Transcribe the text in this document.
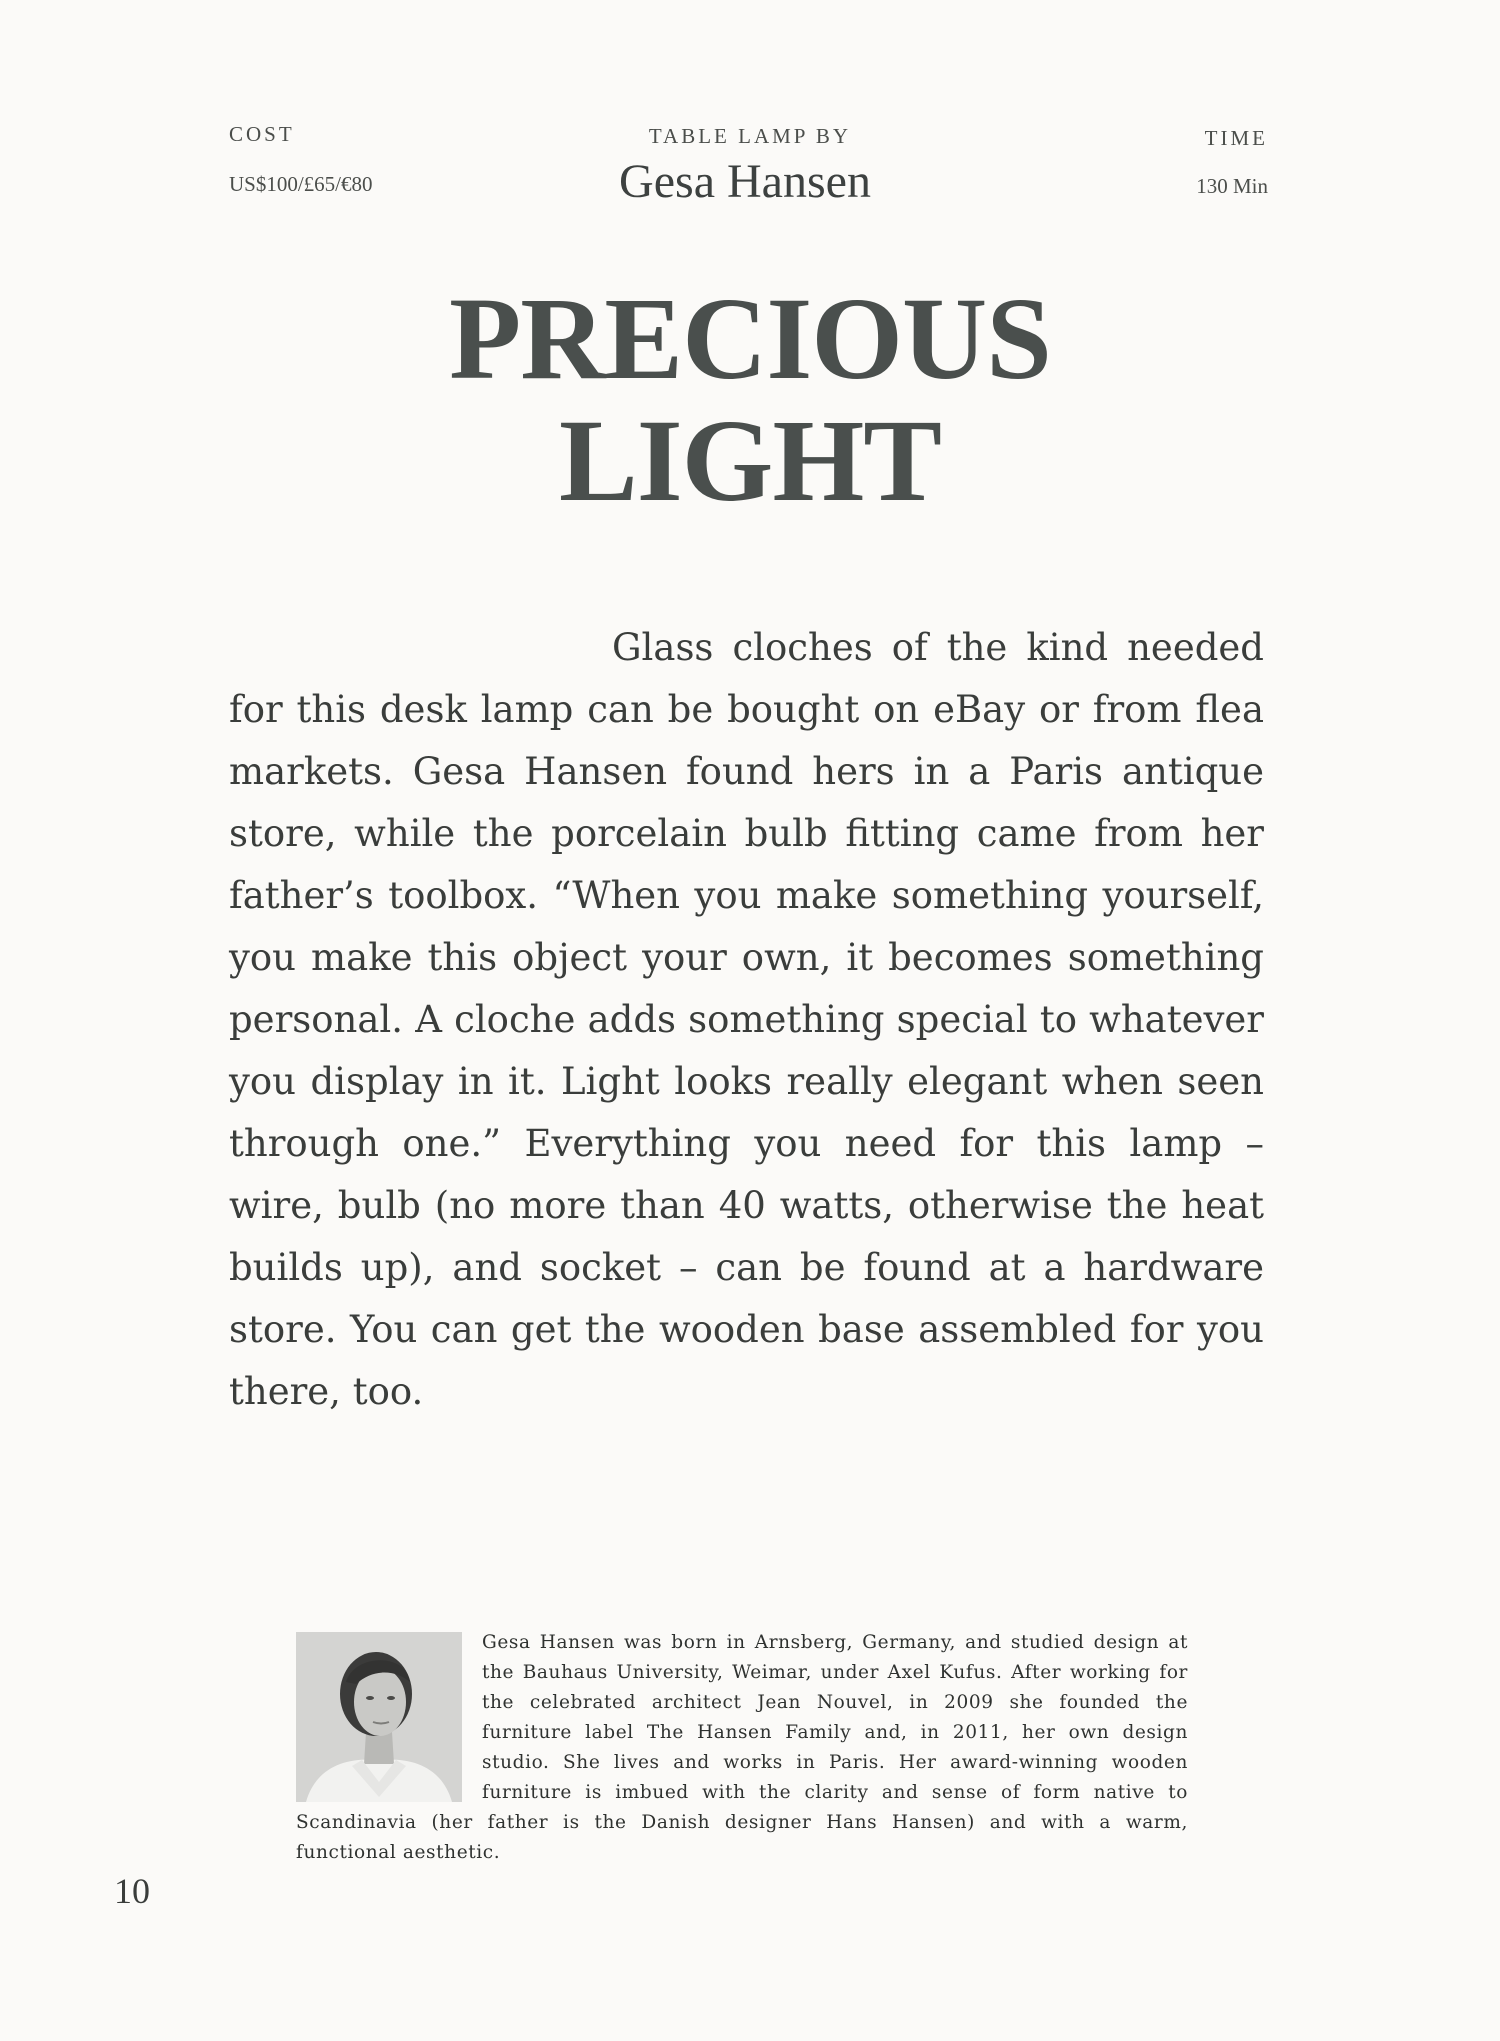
COST
US$100/£65/€80
TABLE LAMP BY
Gesa Hansen
TIME
130 Min
PRECIOUS
LIGHT
Glass cloches of the kind needed for this desk lamp can be bought on eBay or from flea markets. Gesa Hansen found hers in a Paris antique store, while the porcelain bulb fitting came from her father’s toolbox. “When you make something yourself, you make this object your own, it becomes something personal. A cloche adds something special to whatever you display in it. Light looks really elegant when seen through one.” Everything you need for this lamp – wire, bulb (no more than 40 watts, otherwise the heat builds up), and socket – can be found at a hardware store. You can get the wooden base assembled for you there, too.
Gesa Hansen was born in Arnsberg, Germany, and studied design at the Bauhaus University, Weimar, under Axel Kufus. After working for the celebrated architect Jean Nouvel, in 2009 she founded the furniture label The Hansen Family and, in 2011, her own design studio. She lives and works in Paris. Her award-winning wooden furniture is imbued with the clarity and sense of form native to Scandinavia (her father is the Danish designer Hans Hansen) and with a warm, functional aesthetic.
10
